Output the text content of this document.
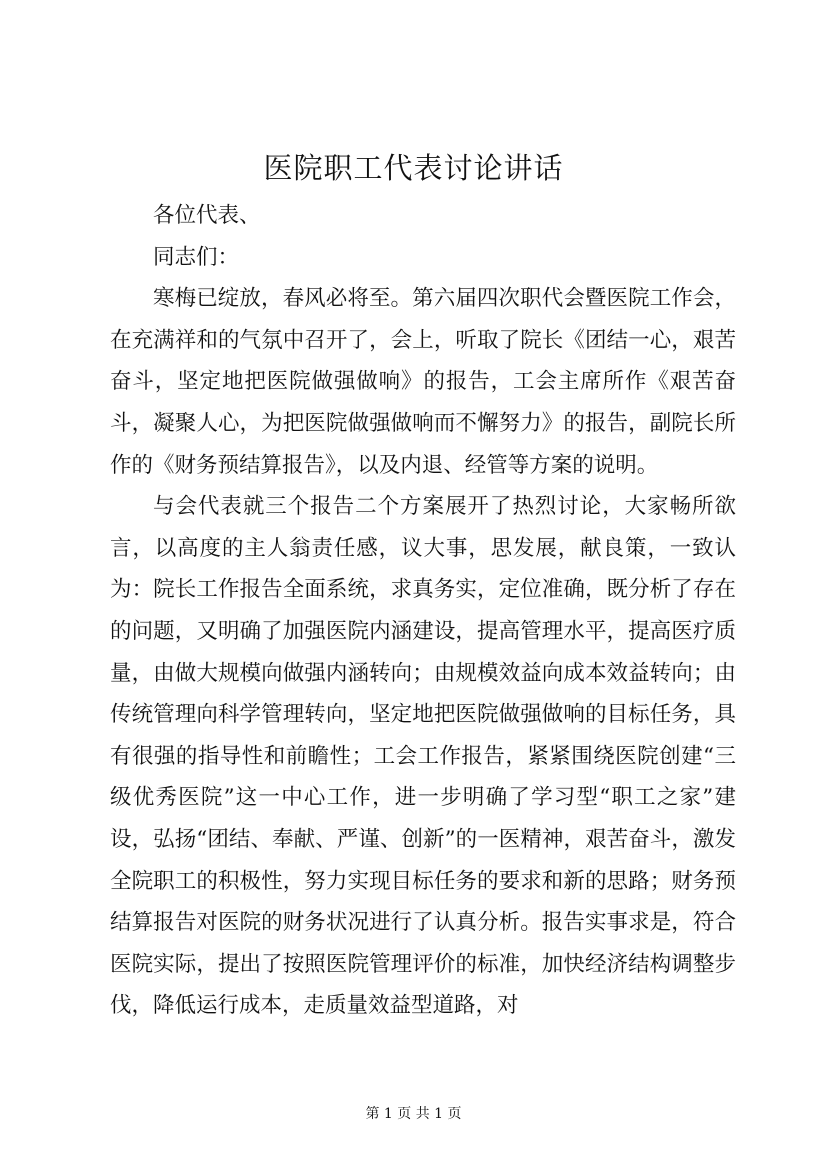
医院职工代表讨论讲话

各位代表、

同志们：

寒梅已绽放，春风必将至。第六届四次职代会暨医院工作会，在充满祥和的气氛中召开了，会上，听取了院长《团结一心，艰苦奋斗，坚定地把医院做强做响》的报告，工会主席所作《艰苦奋斗，凝聚人心，为把医院做强做响而不懈努力》的报告，副院长所作的《财务预结算报告》，以及内退、经管等方案的说明。

与会代表就三个报告二个方案展开了热烈讨论，大家畅所欲言，以高度的主人翁责任感，议大事，思发展，献良策，一致认为：院长工作报告全面系统，求真务实，定位准确，既分析了存在的问题，又明确了加强医院内涵建设，提高管理水平，提高医疗质量，由做大规模向做强内涵转向；由规模效益向成本效益转向；由传统管理向科学管理转向，坚定地把医院做强做响的目标任务，具有很强的指导性和前瞻性；工会工作报告，紧紧围绕医院创建“三级优秀医院”这一中心工作，进一步明确了学习型“职工之家”建设，弘扬“团结、奉献、严谨、创新”的一医精神，艰苦奋斗，激发全院职工的积极性，努力实现目标任务的要求和新的思路；财务预结算报告对医院的财务状况进行了认真分析。报告实事求是，符合医院实际，提出了按照医院管理评价的标准，加快经济结构调整步伐，降低运行成本，走质量效益型道路，对

第 1 页 共 1 页
